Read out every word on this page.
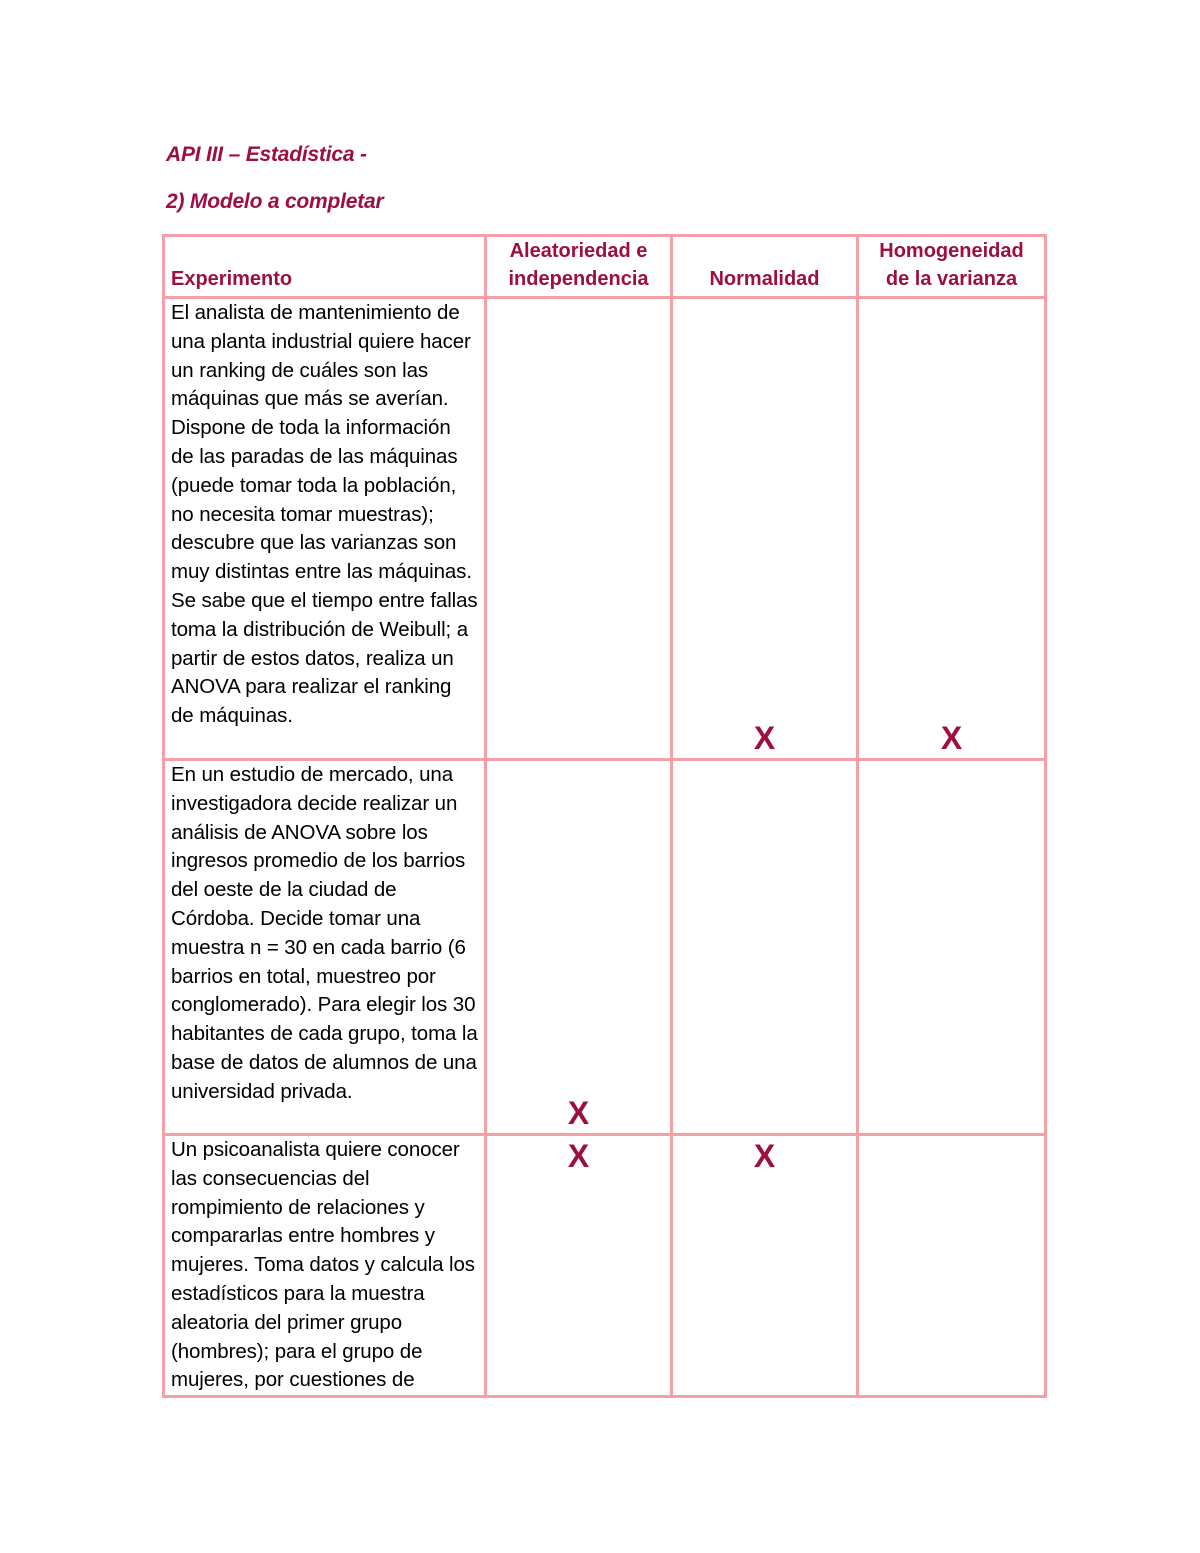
API III – Estadística -

2) Modelo a completar

Experimento	Aleatoriedad e independencia	Normalidad	Homogeneidad de la varianza
El analista de mantenimiento de una planta industrial quiere hacer un ranking de cuáles son las máquinas que más se averían. Dispone de toda la información de las paradas de las máquinas (puede tomar toda la población, no necesita tomar muestras); descubre que las varianzas son muy distintas entre las máquinas. Se sabe que el tiempo entre fallas toma la distribución de Weibull; a partir de estos datos, realiza un ANOVA para realizar el ranking de máquinas.		X	X
En un estudio de mercado, una investigadora decide realizar un análisis de ANOVA sobre los ingresos promedio de los barrios del oeste de la ciudad de Córdoba. Decide tomar una muestra n = 30 en cada barrio (6 barrios en total, muestreo por conglomerado). Para elegir los 30 habitantes de cada grupo, toma la base de datos de alumnos de una universidad privada.	X		
Un psicoanalista quiere conocer las consecuencias del rompimiento de relaciones y compararlas entre hombres y mujeres. Toma datos y calcula los estadísticos para la muestra aleatoria del primer grupo (hombres); para el grupo de mujeres, por cuestiones de	X	X	
